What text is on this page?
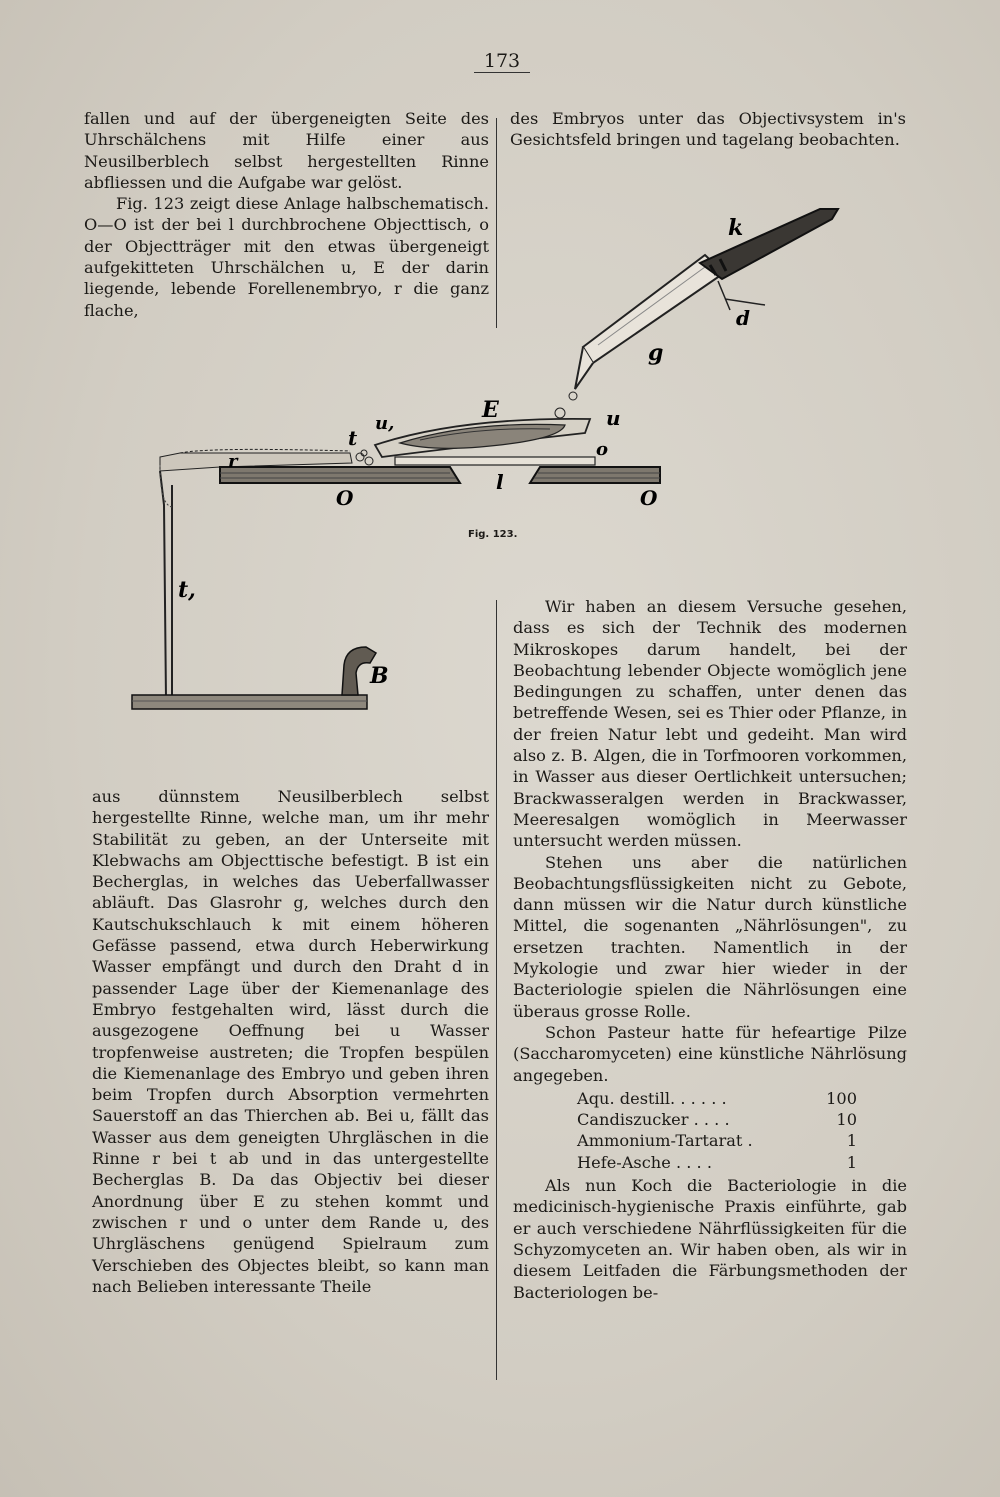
173

fallen und auf der übergeneigten Seite des Uhrschälchens mit Hilfe einer aus Neusilberblech selbst hergestellten Rinne abfliessen und die Aufgabe war gelöst.

Fig. 123 zeigt diese Anlage halbschematisch. O—O ist der bei l durchbrochene Objecttisch, o der Objectträger mit den etwas übergeneigt aufgekitteten Uhrschälchen u, E der darin liegende, lebende Forellenembryo, r die ganz flache,

des Embryos unter das Objectivsystem in's Gesichtsfeld bringen und tagelang beobachten.

k
d
g
E	u
u,
t	o
r
l
O	O
t,
B
Fig. 123.

aus dünnstem Neusilberblech selbst hergestellte Rinne, welche man, um ihr mehr Stabilität zu geben, an der Unterseite mit Klebwachs am Objecttische befestigt. B ist ein Becherglas, in welches das Ueberfallwasser abläuft. Das Glasrohr g, welches durch den Kautschukschlauch k mit einem höheren Gefässe passend, etwa durch Heberwirkung Wasser empfängt und durch den Draht d in passender Lage über der Kiemenanlage des Embryo festgehalten wird, lässt durch die ausgezogene Oeffnung bei u Wasser tropfenweise austreten; die Tropfen bespülen die Kiemenanlage des Embryo und geben ihren beim Tropfen durch Absorption vermehrten Sauerstoff an das Thierchen ab. Bei u, fällt das Wasser aus dem geneigten Uhrgläschen in die Rinne r bei t ab und in das untergestellte Becherglas B. Da das Objectiv bei dieser Anordnung über E zu stehen kommt und zwischen r und o unter dem Rande u, des Uhrgläschens genügend Spielraum zum Verschieben des Objectes bleibt, so kann man nach Belieben interessante Theile

Wir haben an diesem Versuche gesehen, dass es sich der Technik des modernen Mikroskopes darum handelt, bei der Beobachtung lebender Objecte womöglich jene Bedingungen zu schaffen, unter denen das betreffende Wesen, sei es Thier oder Pflanze, in der freien Natur lebt und gedeiht. Man wird also z. B. Algen, die in Torfmooren vorkommen, in Wasser aus dieser Oertlichkeit untersuchen; Brackwasseralgen werden in Brackwasser, Meeresalgen womöglich in Meerwasser untersucht werden müssen.

Stehen uns aber die natürlichen Beobachtungsflüssigkeiten nicht zu Gebote, dann müssen wir die Natur durch künstliche Mittel, die sogenanten „Nährlösungen", zu ersetzen trachten. Namentlich in der Mykologie und zwar hier wieder in der Bacteriologie spielen die Nährlösungen eine überaus grosse Rolle.

Schon Pasteur hatte für hefeartige Pilze (Saccharomyceten) eine künstliche Nährlösung angegeben.

Aqu. destill. . . . . .	100
Candiszucker . . . .	10
Ammonium-Tartarat .	1
Hefe-Asche . . . .	1

Als nun Koch die Bacteriologie in die medicinisch-hygienische Praxis einführte, gab er auch verschiedene Nährflüssigkeiten für die Schyzomyceten an. Wir haben oben, als wir in diesem Leitfaden die Färbungsmethoden der Bacteriologen be-
